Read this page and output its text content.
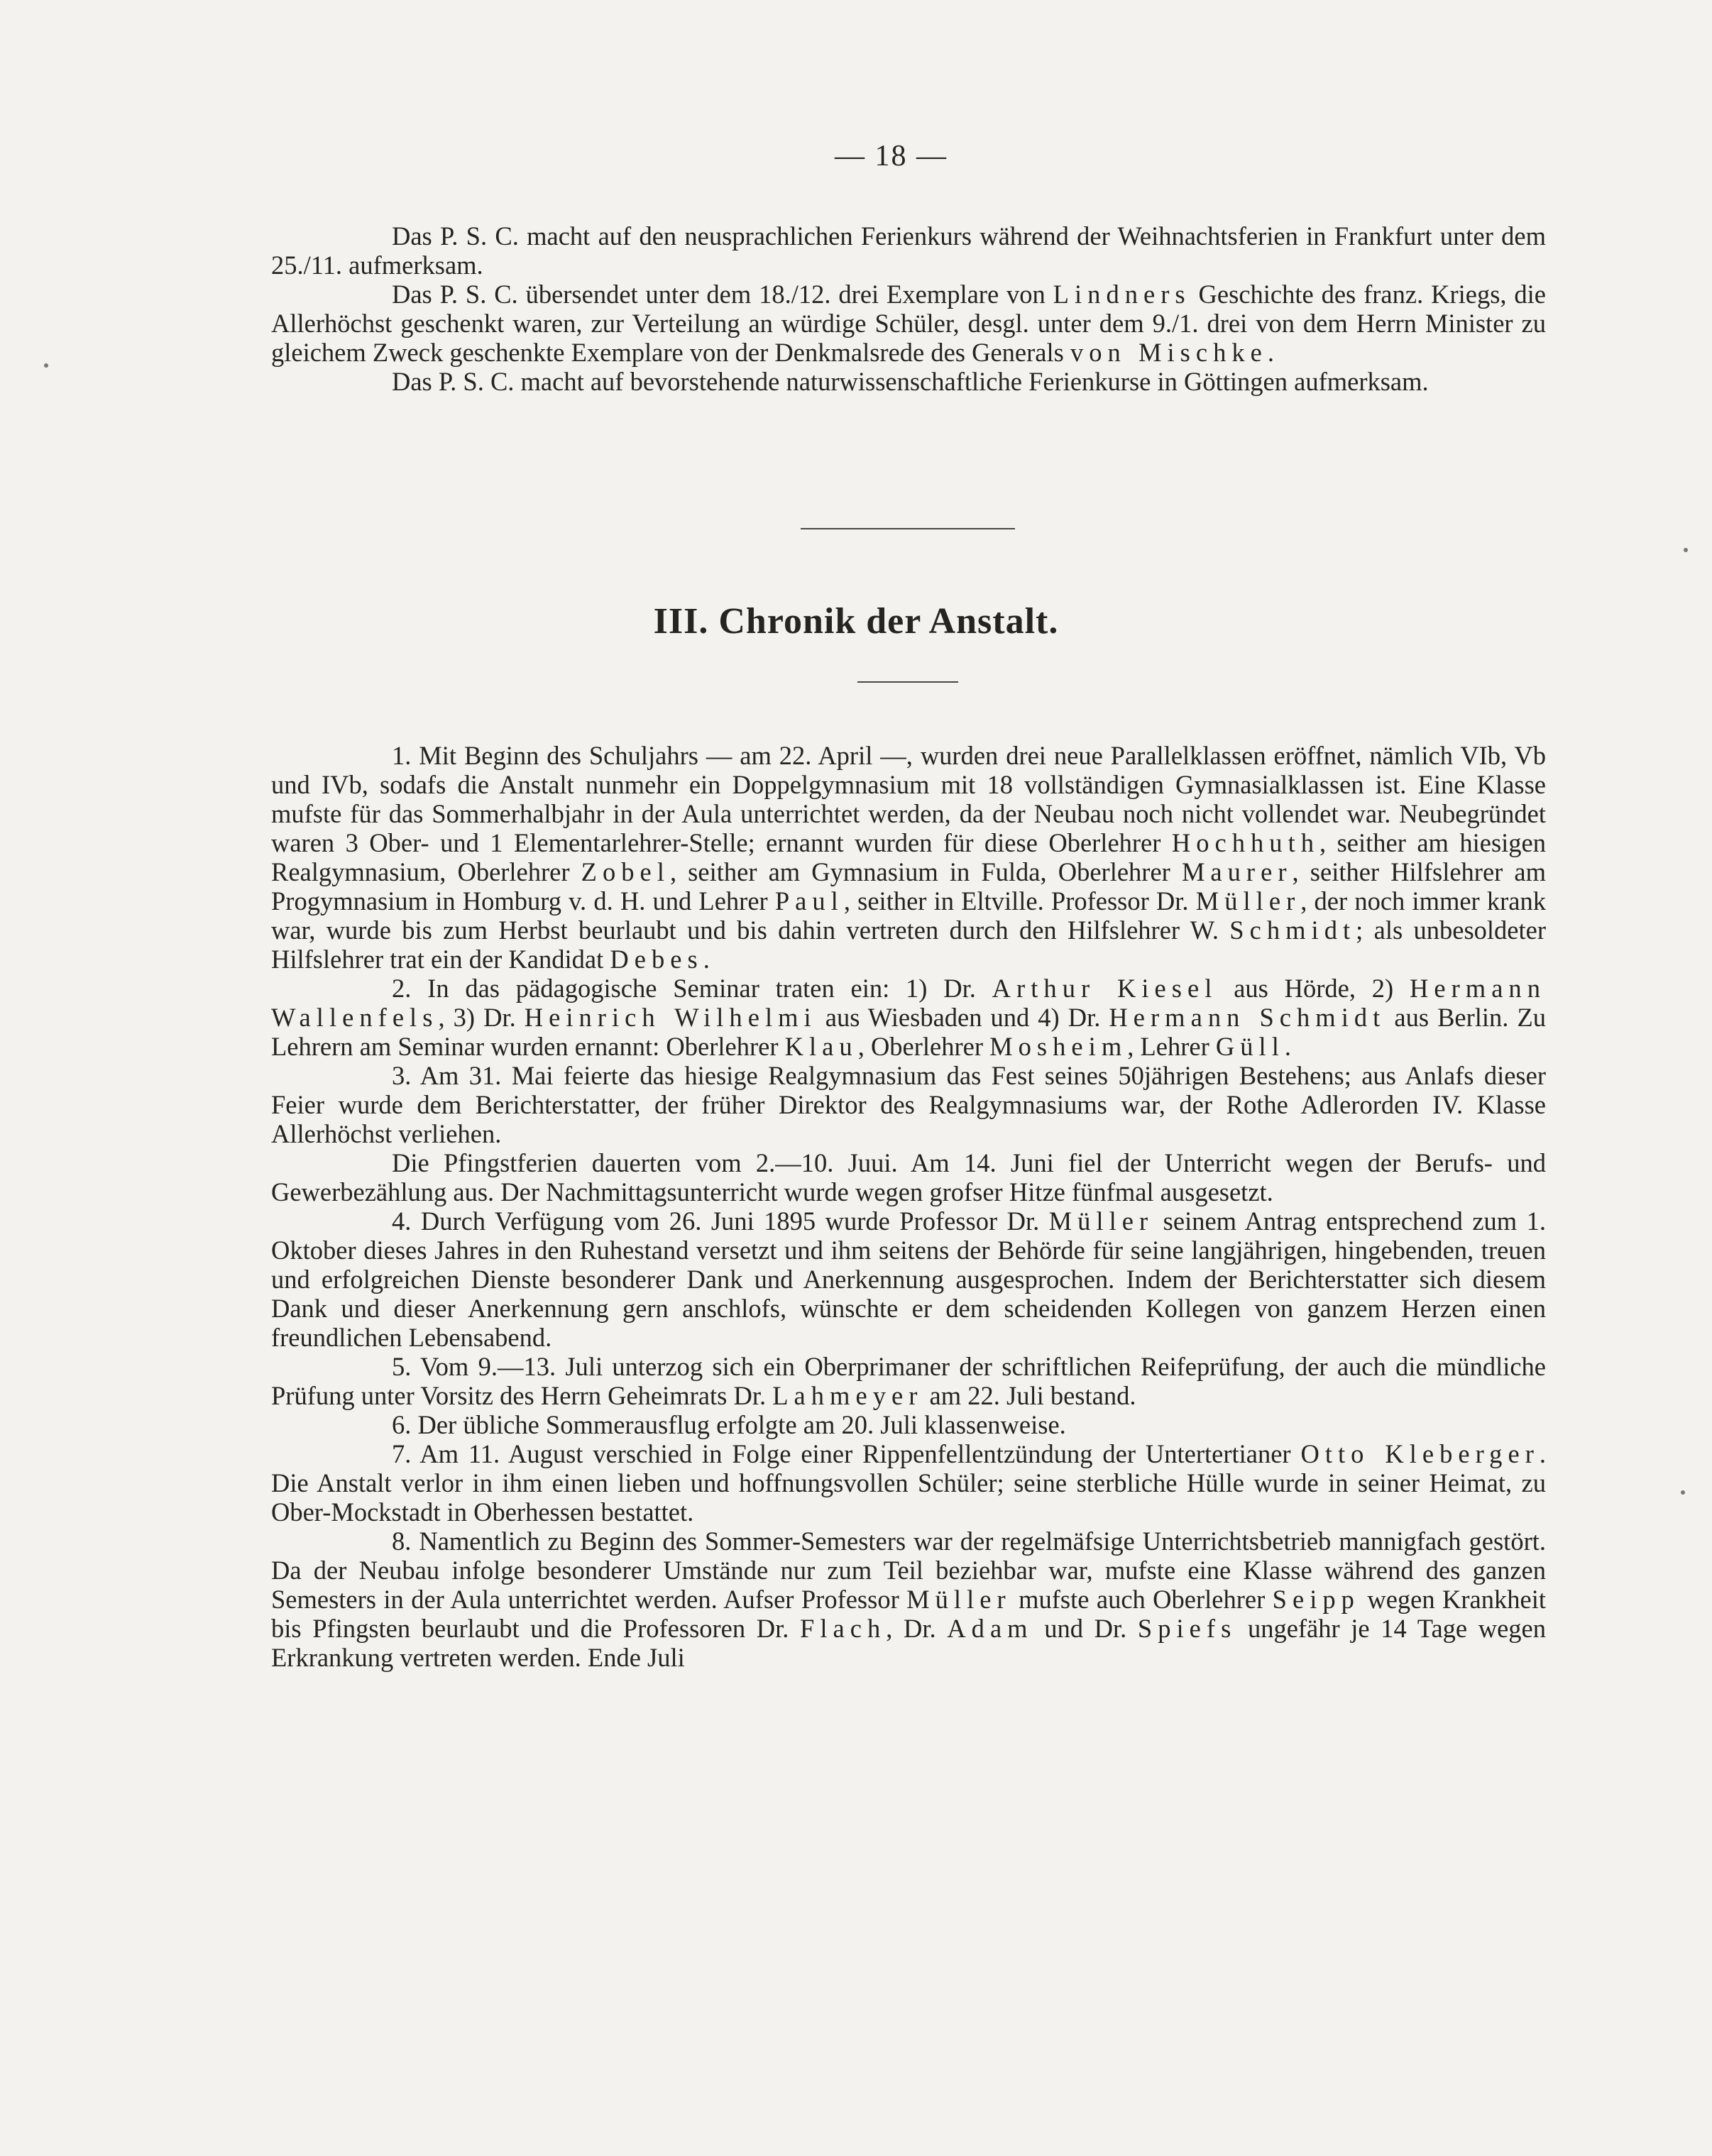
— 18 —

Das P. S. C. macht auf den neusprachlichen Ferienkurs während der Weihnachtsferien in Frankfurt unter dem 25./11. aufmerksam.

Das P. S. C. übersendet unter dem 18./12. drei Exemplare von Lindners Geschichte des franz. Kriegs, die Allerhöchst geschenkt waren, zur Verteilung an würdige Schüler, desgl. unter dem 9./1. drei von dem Herrn Minister zu gleichem Zweck geschenkte Exemplare von der Denkmalsrede des Generals von Mischke.

Das P. S. C. macht auf bevorstehende naturwissenschaftliche Ferienkurse in Göttingen aufmerksam.

III. Chronik der Anstalt.

1. Mit Beginn des Schuljahrs — am 22. April —, wurden drei neue Parallelklassen eröffnet, nämlich VIb, Vb und IVb, sodafs die Anstalt nunmehr ein Doppelgymnasium mit 18 vollständigen Gymnasialklassen ist. Eine Klasse mufste für das Sommerhalbjahr in der Aula unterrichtet werden, da der Neubau noch nicht vollendet war. Neubegründet waren 3 Ober- und 1 Elementarlehrer-Stelle; ernannt wurden für diese Oberlehrer Hochhuth, seither am hiesigen Realgymnasium, Oberlehrer Zobel, seither am Gymnasium in Fulda, Oberlehrer Maurer, seither Hilfslehrer am Progymnasium in Homburg v. d. H. und Lehrer Paul, seither in Eltville. Professor Dr. Müller, der noch immer krank war, wurde bis zum Herbst beurlaubt und bis dahin vertreten durch den Hilfslehrer W. Schmidt; als unbesoldeter Hilfslehrer trat ein der Kandidat Debes.

2. In das pädagogische Seminar traten ein: 1) Dr. Arthur Kiesel aus Hörde, 2) Hermann Wallenfels, 3) Dr. Heinrich Wilhelmi aus Wiesbaden und 4) Dr. Hermann Schmidt aus Berlin. Zu Lehrern am Seminar wurden ernannt: Oberlehrer Klau, Oberlehrer Mosheim, Lehrer Güll.

3. Am 31. Mai feierte das hiesige Realgymnasium das Fest seines 50jährigen Bestehens; aus Anlafs dieser Feier wurde dem Berichterstatter, der früher Direktor des Realgymnasiums war, der Rothe Adlerorden IV. Klasse Allerhöchst verliehen.

Die Pfingstferien dauerten vom 2.—10. Juui. Am 14. Juni fiel der Unterricht wegen der Berufs- und Gewerbezählung aus. Der Nachmittagsunterricht wurde wegen grofser Hitze fünfmal ausgesetzt.

4. Durch Verfügung vom 26. Juni 1895 wurde Professor Dr. Müller seinem Antrag entsprechend zum 1. Oktober dieses Jahres in den Ruhestand versetzt und ihm seitens der Behörde für seine langjährigen, hingebenden, treuen und erfolgreichen Dienste besonderer Dank und Anerkennung ausgesprochen. Indem der Berichterstatter sich diesem Dank und dieser Anerkennung gern anschlofs, wünschte er dem scheidenden Kollegen von ganzem Herzen einen freundlichen Lebensabend.

5. Vom 9.—13. Juli unterzog sich ein Oberprimaner der schriftlichen Reifeprüfung, der auch die mündliche Prüfung unter Vorsitz des Herrn Geheimrats Dr. Lahmeyer am 22. Juli bestand.

6. Der übliche Sommerausflug erfolgte am 20. Juli klassenweise.

7. Am 11. August verschied in Folge einer Rippenfellentzündung der Untertertianer Otto Kleberger. Die Anstalt verlor in ihm einen lieben und hoffnungsvollen Schüler; seine sterbliche Hülle wurde in seiner Heimat, zu Ober-Mockstadt in Oberhessen bestattet.

8. Namentlich zu Beginn des Sommer-Semesters war der regelmäfsige Unterrichtsbetrieb mannigfach gestört. Da der Neubau infolge besonderer Umstände nur zum Teil beziehbar war, mufste eine Klasse während des ganzen Semesters in der Aula unterrichtet werden. Aufser Professor Müller mufste auch Oberlehrer Seipp wegen Krankheit bis Pfingsten beurlaubt und die Professoren Dr. Flach, Dr. Adam und Dr. Spiefs ungefähr je 14 Tage wegen Erkrankung vertreten werden. Ende Juli
